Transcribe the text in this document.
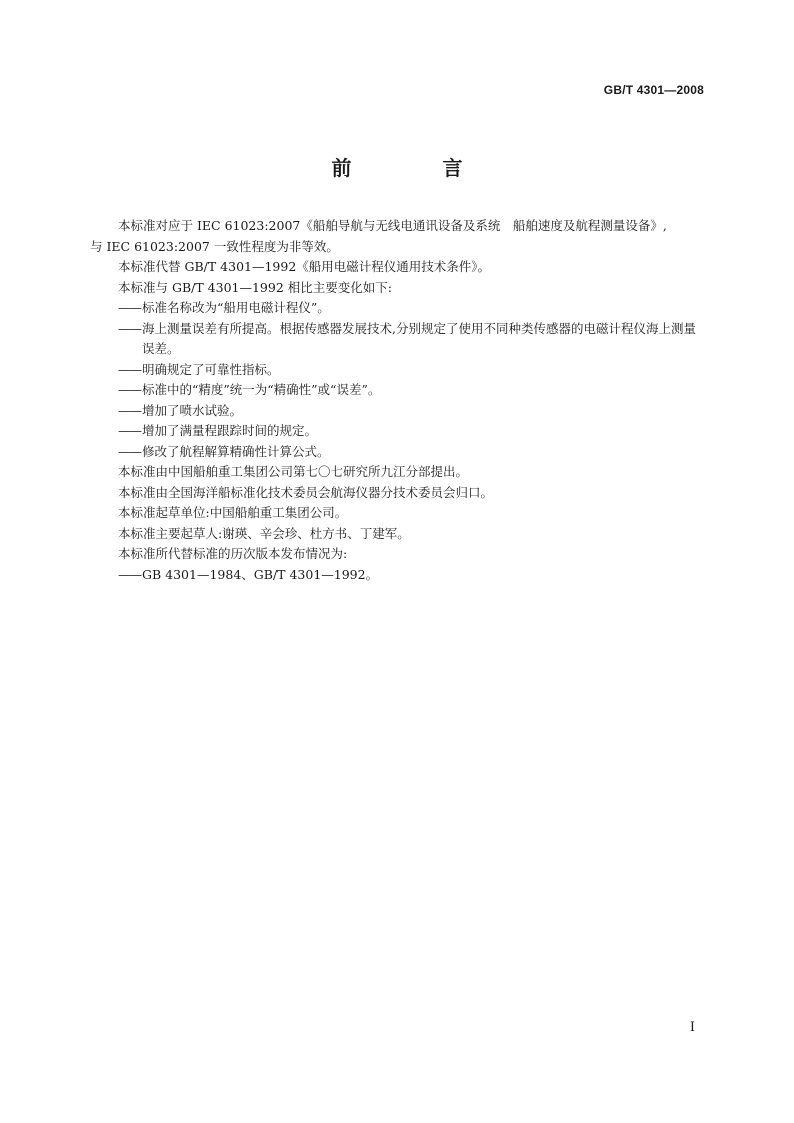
GB/T 4301—2008
前 言

本标准对应于 IEC 61023:2007《船舶导航与无线电通讯设备及系统　船舶速度及航程测量设备》,

与 IEC 61023:2007 一致性程度为非等效。

本标准代替 GB/T 4301—1992《船用电磁计程仪通用技术条件》。

本标准与 GB/T 4301—1992 相比主要变化如下:

——标准名称改为“船用电磁计程仪”。

——海上测量误差有所提高。根据传感器发展技术,分别规定了使用不同种类传感器的电磁计程仪海上测量误差。

——明确规定了可靠性指标。

——标准中的“精度”统一为“精确性”或“误差”。

——增加了喷水试验。

——增加了满量程跟踪时间的规定。

——修改了航程解算精确性计算公式。

本标准由中国船舶重工集团公司第七〇七研究所九江分部提出。

本标准由全国海洋船标准化技术委员会航海仪器分技术委员会归口。

本标准起草单位:中国船舶重工集团公司。

本标准主要起草人:谢瑛、辛会珍、杜方书、丁建军。

本标准所代替标准的历次版本发布情况为:

——GB 4301—1984、GB/T 4301—1992。

I
